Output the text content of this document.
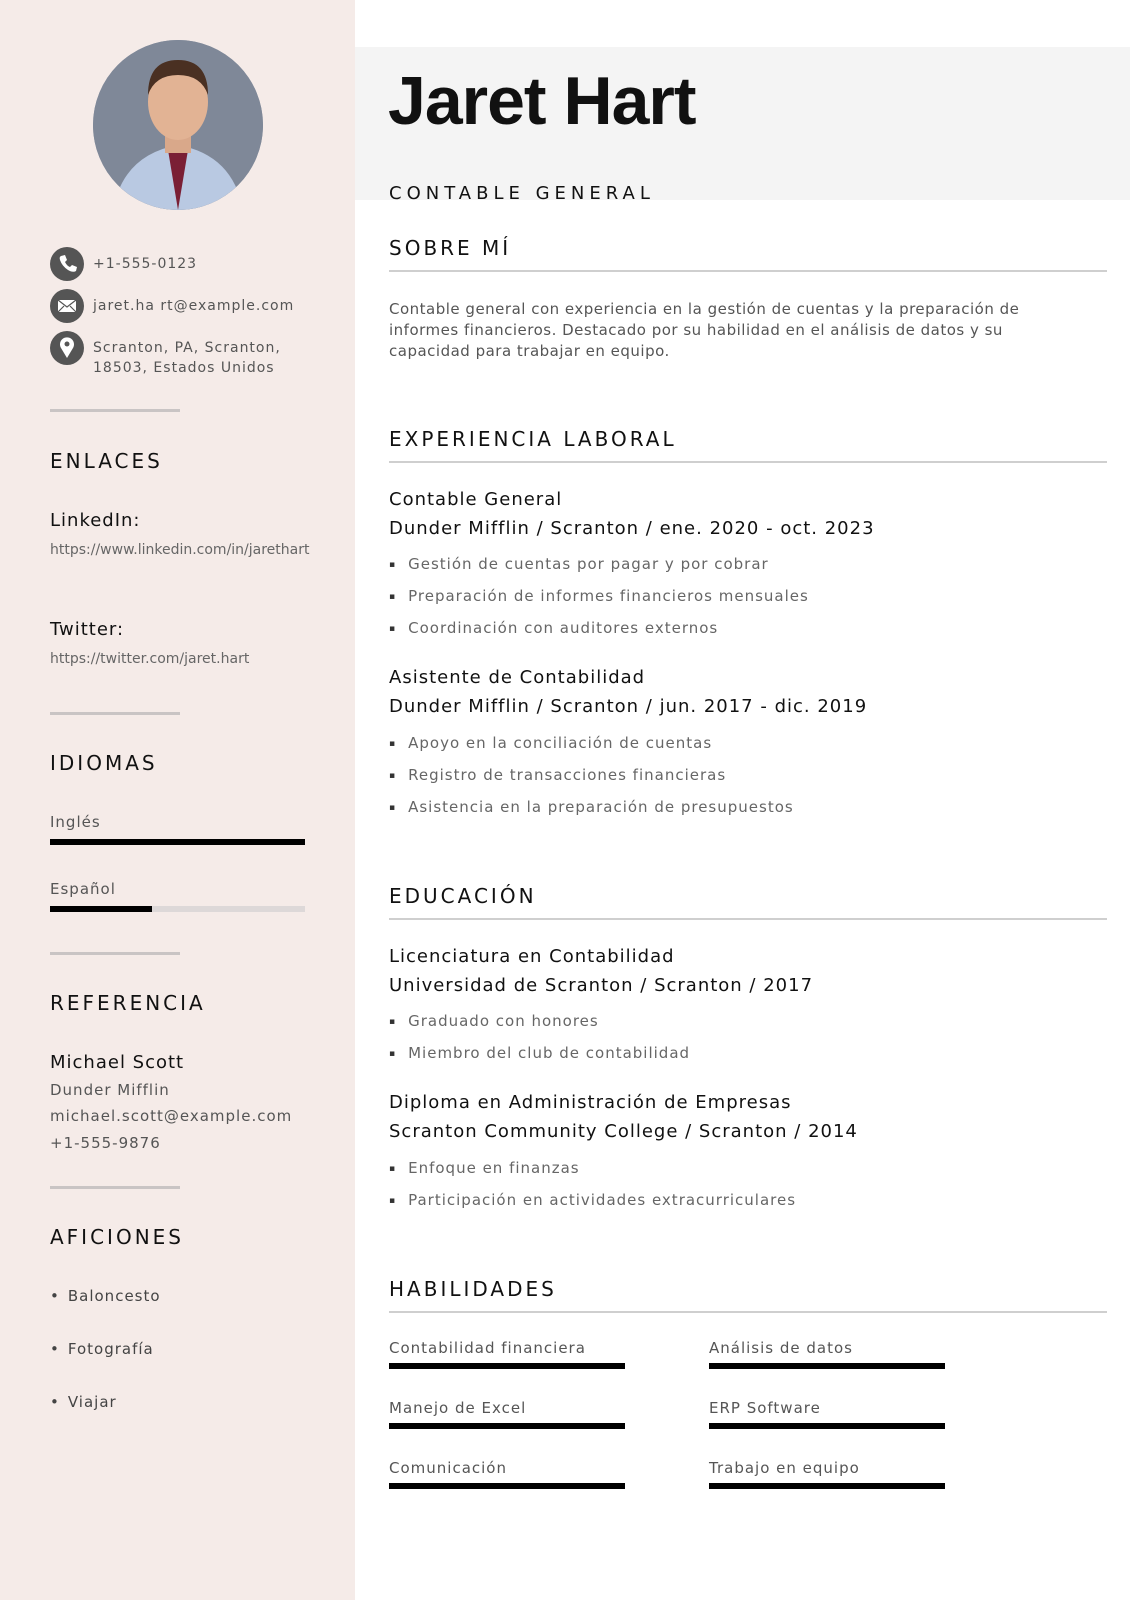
Jaret Hart
CONTABLE GENERAL
+1-555-0123
jaret.ha rt@example.com
Scranton, PA, Scranton,
18503, Estados Unidos
ENLACES
LinkedIn:
https://www.linkedin.com/in/jarethart
Twitter:
https://twitter.com/jaret.hart
IDIOMAS
Inglés
Español
REFERENCIA
Michael Scott
Dunder Mifflin
michael.scott@example.com
+1-555-9876
AFICIONES
• Baloncesto
• Fotografía
• Viajar
SOBRE MÍ
Contable general con experiencia en la gestión de cuentas y la preparación de
informes financieros. Destacado por su habilidad en el análisis de datos y su
capacidad para trabajar en equipo.
EXPERIENCIA LABORAL
Contable General
Dunder Mifflin / Scranton / ene. 2020 - oct. 2023
▪ Gestión de cuentas por pagar y por cobrar
▪ Preparación de informes financieros mensuales
▪ Coordinación con auditores externos
Asistente de Contabilidad
Dunder Mifflin / Scranton / jun. 2017 - dic. 2019
▪ Apoyo en la conciliación de cuentas
▪ Registro de transacciones financieras
▪ Asistencia en la preparación de presupuestos
EDUCACIÓN
Licenciatura en Contabilidad
Universidad de Scranton / Scranton / 2017
▪ Graduado con honores
▪ Miembro del club de contabilidad
Diploma en Administración de Empresas
Scranton Community College / Scranton / 2014
▪ Enfoque en finanzas
▪ Participación en actividades extracurriculares
HABILIDADES
Contabilidad financiera	Análisis de datos
Manejo de Excel	ERP Software
Comunicación	Trabajo en equipo
